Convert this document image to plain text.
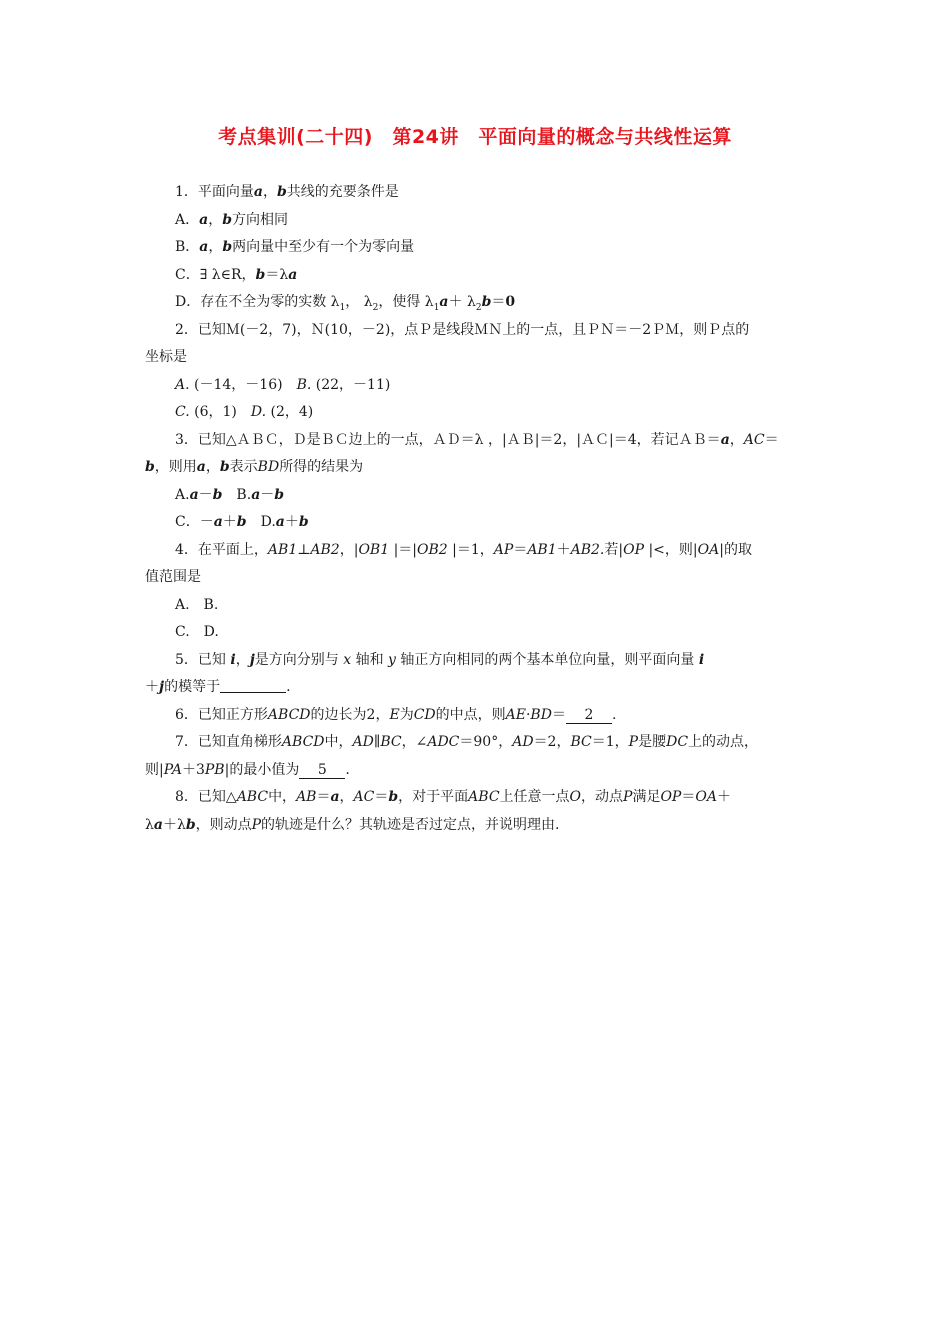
考点集训(二十四)　第24讲　平面向量的概念与共线性运算
1．平面向量a，b共线的充要条件是
A．a，b方向相同
B．a，b两向量中至少有一个为零向量
C．∃ λ∈R，b＝λa
D．存在不全为零的实数 $\lambda_1$， $\lambda_2$，使得 $\lambda_1a+ \lambda_2b=0$
2．已知Ｍ(－2，7)，Ｎ(10，－2)，点Ｐ是线段ＭＮ上的一点，且ＰＮ＝－2ＰＭ，则Ｐ点的
坐标是
A. (－14，－16)　B. (22，－11)
C. (6，1)　D. (2，4)
3．已知△ＡＢＣ，Ｄ是ＢＣ边上的一点，ＡＤ＝λ ，|ＡＢ|＝2，|ＡＣ|＝4，若记ＡＢ＝a，AC＝
b，则用a，b表示BD所得的结果为
A.a－b　B.a－b
C．－a＋b　D.a＋b
4．在平面上，AB1⊥AB2，|OB1 |＝|OB2 |＝1，AP＝AB1＋AB2.若|OP |<，则|OA|的取
值范围是
A.　B.
C.　D.
5．已知 i，j是方向分别与 x 轴和 y 轴正方向相同的两个基本单位向量，则平面向量 i
＋j的模等于	.
6．已知正方形ABCD的边长为2，E为CD的中点，则AE·BD＝ 2 .
7．已知直角梯形ABCD中，AD∥BC，∠ADC＝90°，AD＝2，BC＝1，P是腰DC上的动点，
则|PA＋3PB|的最小值为 5 .
8．已知△ABC中，AB＝a，AC＝b，对于平面ABC上任意一点O，动点P满足OP＝OA＋
λa＋λb，则动点P的轨迹是什么？其轨迹是否过定点，并说明理由.
